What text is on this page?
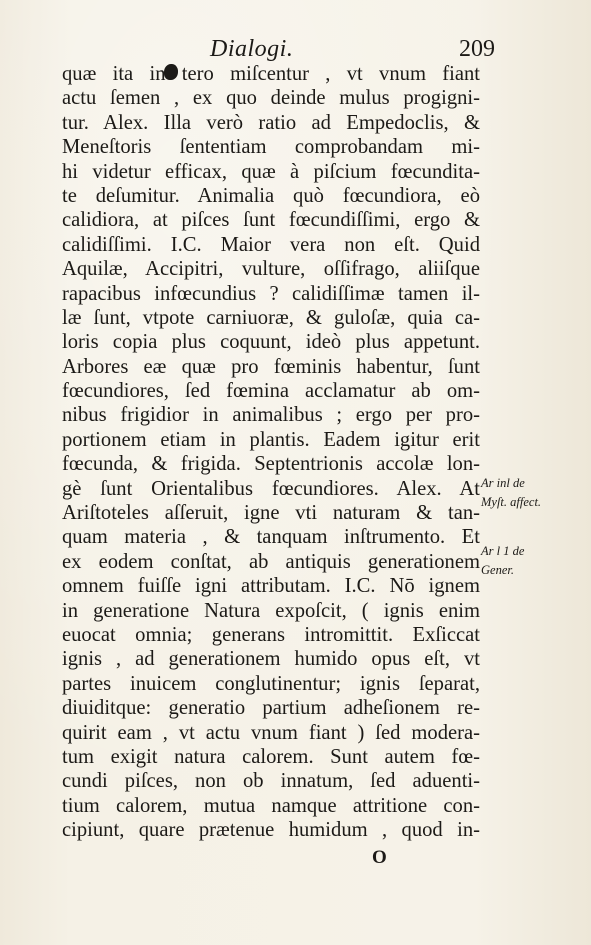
Dialogi.	209
quæ ita in tero miſcentur , vt vnum fiant
actu ſemen , ex quo deinde mulus progigni-
tur. Alex. Illa verò ratio ad Empedoclis, &
Meneſtoris ſententiam comprobandam mi-
hi videtur efficax, quæ à piſcium fœcundita-
te deſumitur. Animalia quò fœcundiora, eò
calidiora, at piſces ſunt fœcundiſſimi, ergo &
calidiſſimi. I.C. Maior vera non eſt. Quid
Aquilæ, Accipitri, vulture, oſſifrago, aliiſque
rapacibus infœcundius ? calidiſſimæ tamen il-
læ ſunt, vtpote carniuoræ, & guloſæ, quia ca-
loris copia plus coquunt, ideò plus appetunt.
Arbores eæ quæ pro fœminis habentur, ſunt
fœcundiores, ſed fœmina acclamatur ab om-
nibus frigidior in animalibus ; ergo per pro-
portionem etiam in plantis. Eadem igitur erit
fœcunda, & frigida. Septentrionis accolæ lon-
gè ſunt Orientalibus fœcundiores. Alex. At
Ariſtoteles aſſeruit, igne vti naturam & tan-
quam materia , & tanquam inſtrumento. Et
ex eodem conſtat, ab antiquis generationem
omnem fuiſſe igni attributam. I.C. Nō ignem
in generatione Natura expoſcit, ( ignis enim
euocat omnia; generans intromittit. Exſiccat
ignis , ad generationem humido opus eſt, vt
partes inuicem conglutinentur; ignis ſeparat,
diuiditque: generatio partium adheſionem re-
quirit eam , vt actu vnum fiant ) ſed modera-
tum exigit natura calorem. Sunt autem fœ-
cundi piſces, non ob innatum, ſed aduenti-
tium calorem, mutua namque attritione con-
cipiunt, quare prætenue humidum , quod in-
Ar inl de
Myſt. affect.
Ar l 1 de
Gener.
O
